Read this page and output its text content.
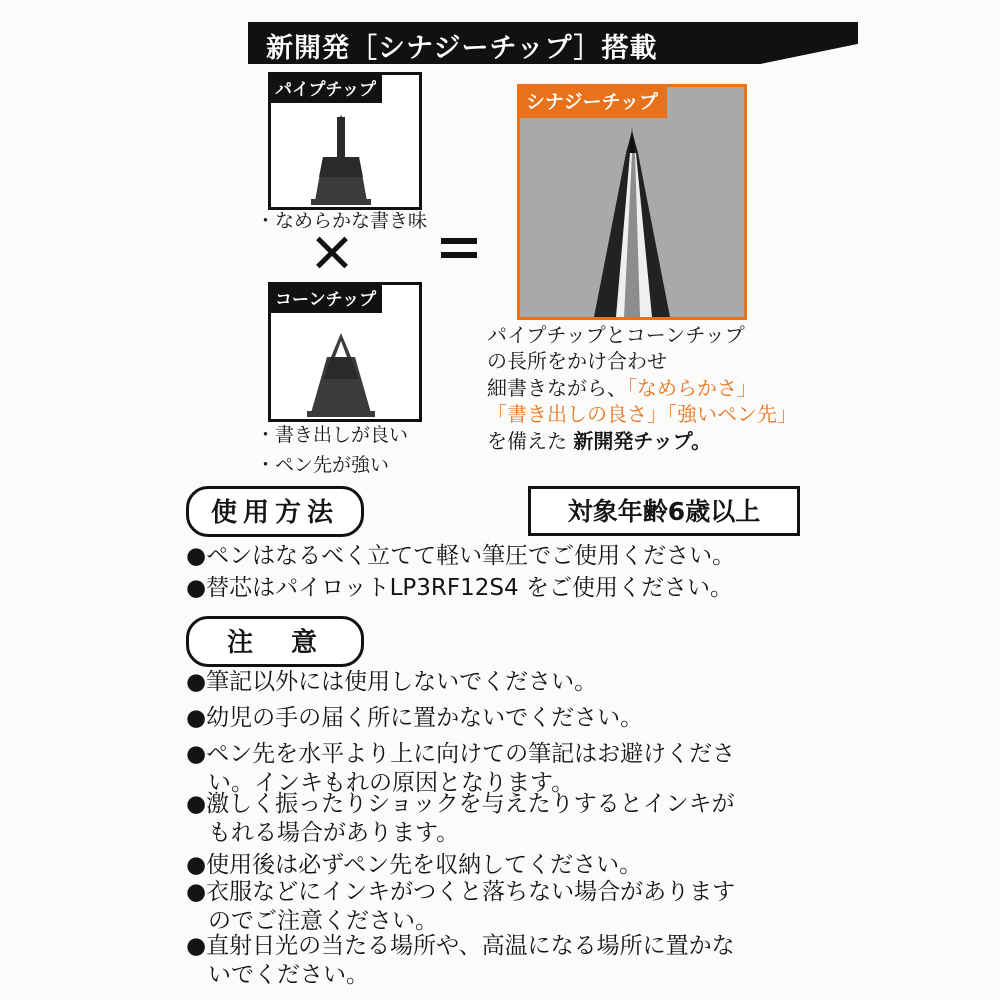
新開発［シナジーチップ］搭載
パイプチップ
・なめらかな書き味
コーンチップ
・書き出しが良い
・ペン先が強い
シナジーチップ
パイプチップとコーンチップ
の長所をかけ合わせ
細書きながら、「なめらかさ」
「書き出しの良さ」「強いペン先」
を備えた 新開発チップ。
使用方法	対象年齢6歳以上
●ペンはなるべく立てて軽い筆圧でご使用ください。
●替芯はパイロットLP3RF12S4 をご使用ください。
注　意
●筆記以外には使用しないでください。
●幼児の手の届く所に置かないでください。
●ペン先を水平より上に向けての筆記はお避けくださ
い。インキもれの原因となります。
●激しく振ったりショックを与えたりするとインキが
もれる場合があります。
●使用後は必ずペン先を収納してください。
●衣服などにインキがつくと落ちない場合があります
のでご注意ください。
●直射日光の当たる場所や、高温になる場所に置かな
いでください。
